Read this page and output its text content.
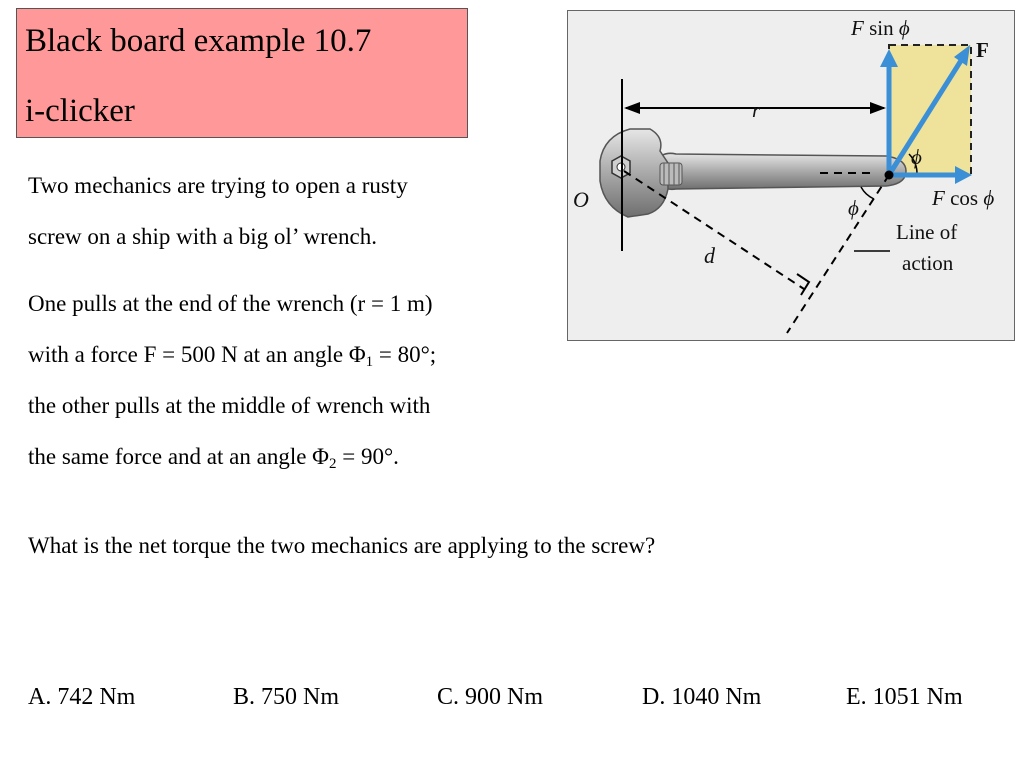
Black board example 10.7
i-clicker
Two mechanics are trying to open a rusty
screw on a ship with a big ol’ wrench.
One pulls at the end of the wrench (r = 1 m)
with a force F = 500 N at an angle $\Phi_1 = 80^\circ$;
the other pulls at the middle of wrench with
the same force and at an angle $\Phi_2 = 90^\circ$.
What is the net torque the two mechanics are applying to the screw?
A. 742 Nm	B. 750 Nm	C. 900 Nm	D. 1040 Nm	E. 1051 Nm
F sin ϕ
F
r
ϕ
O	F cos ϕ
ϕ
Line of
action
d
